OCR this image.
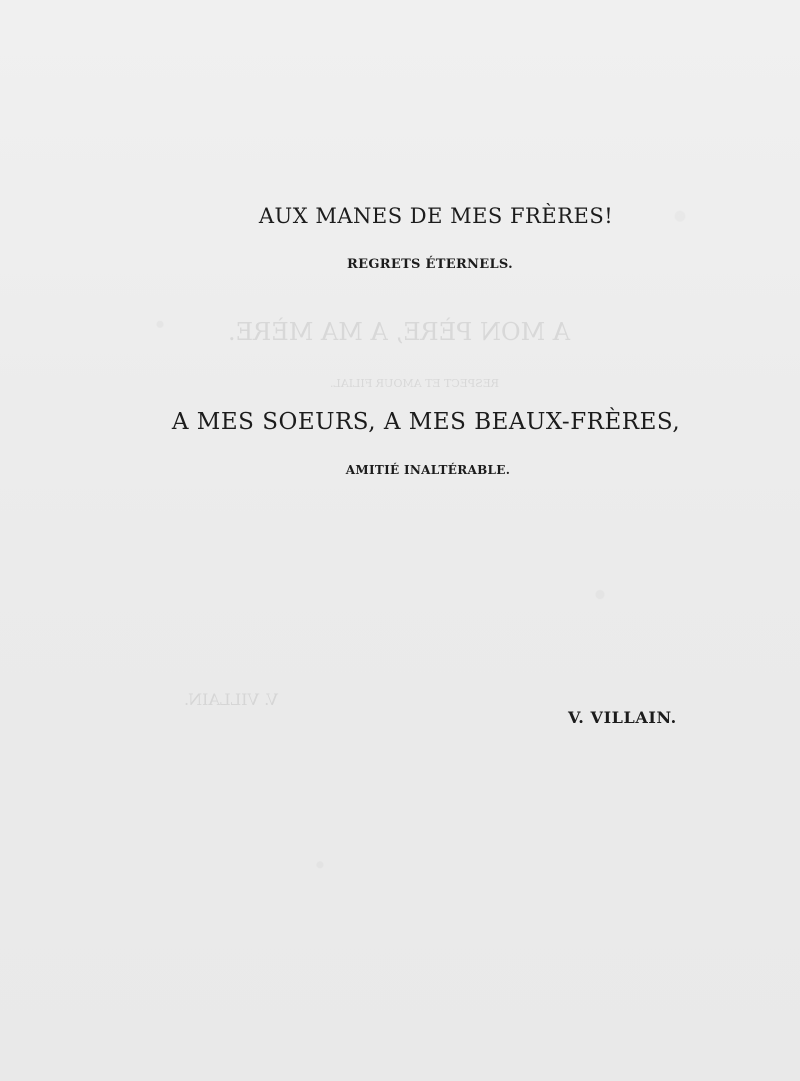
A MON PÈRE, A MA MÈRE.
RESPECT ET AMOUR FILIAL.
V. VILLAIN.
AUX MANES DE MES FRÈRES!
REGRETS ÉTERNELS.
A MES SOEURS, A MES BEAUX-FRÈRES,
AMITIÉ INALTÉRABLE.
V. VILLAIN.
